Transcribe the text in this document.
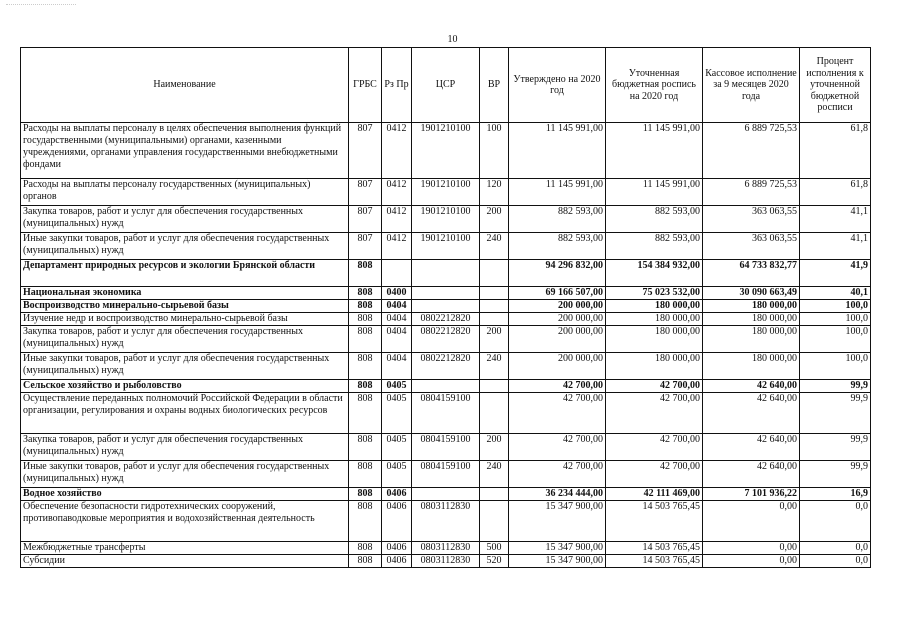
10
Наименование	ГРБС	Рз Пр	ЦСР	ВР	Утверждено на 2020 год	Уточненная бюджетная роспись на 2020 год	Кассовое исполнение за 9 месяцев 2020 года	Процент исполнения к уточненной бюджетной росписи
Расходы на выплаты персоналу в целях обеспечения выполнения функций государственными (муниципальными) органами, казенными учреждениями, органами управления государственными внебюджетными фондами	807	0412	1901210100	100	11 145 991,00	11 145 991,00	6 889 725,53	61,8
Расходы на выплаты персоналу государственных (муниципальных) органов	807	0412	1901210100	120	11 145 991,00	11 145 991,00	6 889 725,53	61,8
Закупка товаров, работ и услуг для обеспечения государственных (муниципальных) нужд	807	0412	1901210100	200	882 593,00	882 593,00	363 063,55	41,1
Иные закупки товаров, работ и услуг для обеспечения государственных (муниципальных) нужд	807	0412	1901210100	240	882 593,00	882 593,00	363 063,55	41,1
Департамент природных ресурсов и экологии Брянской области	808				94 296 832,00	154 384 932,00	64 733 832,77	41,9
Национальная экономика	808	0400			69 166 507,00	75 023 532,00	30 090 663,49	40,1
Воспроизводство минерально-сырьевой базы	808	0404			200 000,00	180 000,00	180 000,00	100,0
Изучение недр и воспроизводство минерально-сырьевой базы	808	0404	0802212820		200 000,00	180 000,00	180 000,00	100,0
Закупка товаров, работ и услуг для обеспечения государственных (муниципальных) нужд	808	0404	0802212820	200	200 000,00	180 000,00	180 000,00	100,0
Иные закупки товаров, работ и услуг для обеспечения государственных (муниципальных) нужд	808	0404	0802212820	240	200 000,00	180 000,00	180 000,00	100,0
Сельское хозяйство и рыболовство	808	0405			42 700,00	42 700,00	42 640,00	99,9
Осуществление переданных полномочий Российской Федерации в области организации, регулирования и охраны водных биологических ресурсов	808	0405	0804159100		42 700,00	42 700,00	42 640,00	99,9
Закупка товаров, работ и услуг для обеспечения государственных (муниципальных) нужд	808	0405	0804159100	200	42 700,00	42 700,00	42 640,00	99,9
Иные закупки товаров, работ и услуг для обеспечения государственных (муниципальных) нужд	808	0405	0804159100	240	42 700,00	42 700,00	42 640,00	99,9
Водное хозяйство	808	0406			36 234 444,00	42 111 469,00	7 101 936,22	16,9
Обеспечение безопасности гидротехнических сооружений, противопаводковые мероприятия и водохозяйственная деятельность	808	0406	0803112830		15 347 900,00	14 503 765,45	0,00	0,0
Межбюджетные трансферты	808	0406	0803112830	500	15 347 900,00	14 503 765,45	0,00	0,0
Субсидии	808	0406	0803112830	520	15 347 900,00	14 503 765,45	0,00	0,0
